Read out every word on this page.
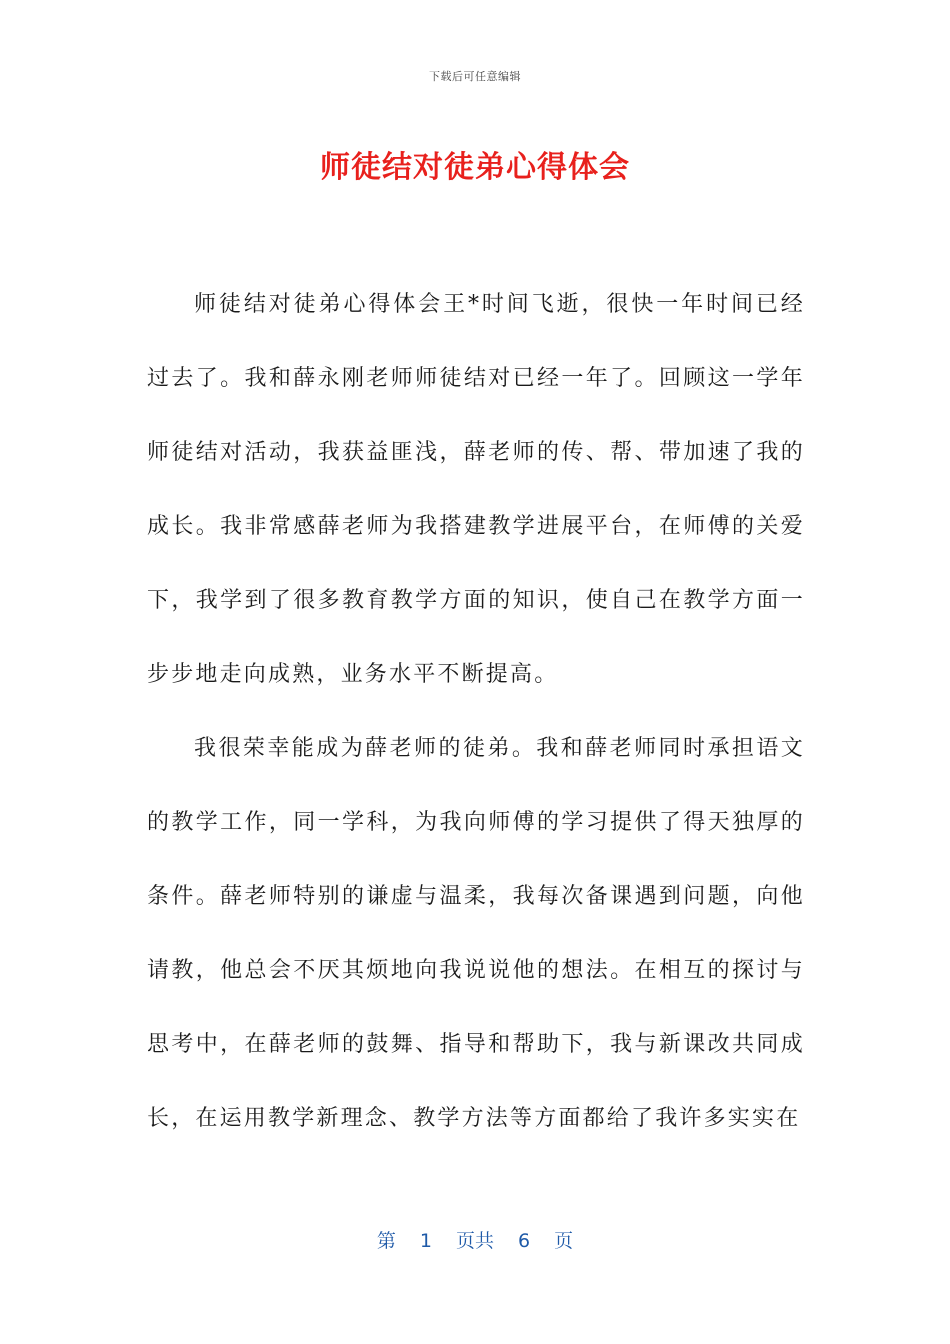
下载后可任意编辑
师徒结对徒弟心得体会

师徒结对徒弟心得体会王*时间飞逝，很快一年时间已经过去了。我和薛永刚老师师徒结对已经一年了。回顾这一学年师徒结对活动，我获益匪浅，薛老师的传、帮、带加速了我的成长。我非常感薛老师为我搭建教学进展平台，在师傅的关爱下，我学到了很多教育教学方面的知识，使自己在教学方面一步步地走向成熟，业务水平不断提高。

我很荣幸能成为薛老师的徒弟。我和薛老师同时承担语文的教学工作，同一学科，为我向师傅的学习提供了得天独厚的条件。薛老师特别的谦虚与温柔，我每次备课遇到问题，向他请教，他总会不厌其烦地向我说说他的想法。在相互的探讨与思考中，在薛老师的鼓舞、指导和帮助下，我与新课改共同成长，在运用教学新理念、教学方法等方面都给了我许多实实在

第 1 页共 6 页
